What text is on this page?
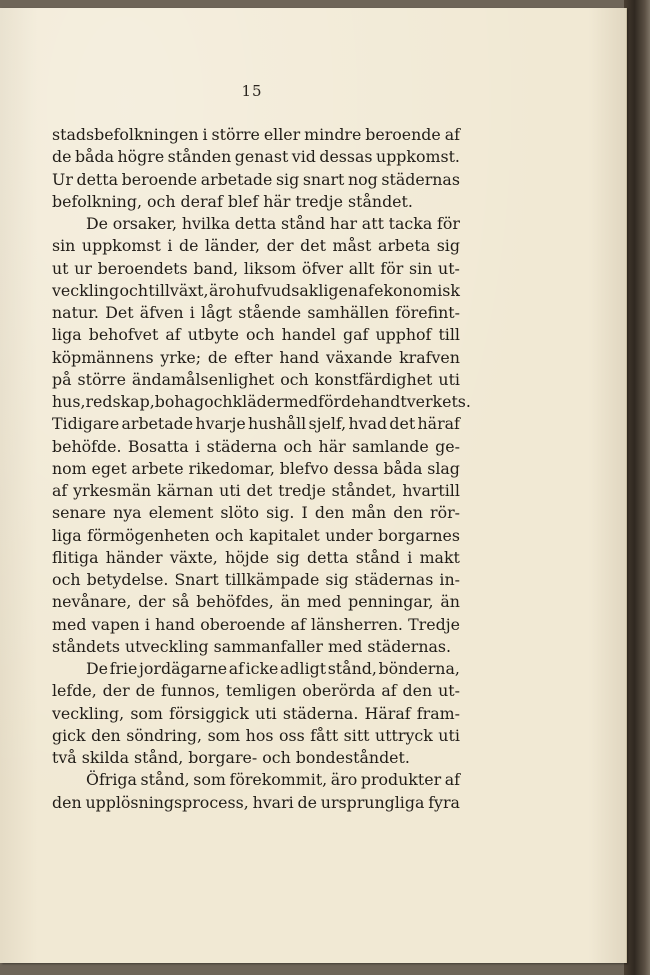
15
stadsbefolkningen i större eller mindre beroende af
de båda högre stånden genast vid dessas uppkomst.
Ur detta beroende arbetade sig snart nog städernas
befolkning, och deraf blef här tredje ståndet.
De orsaker, hvilka detta stånd har att tacka för
sin uppkomst i de länder, der det måst arbeta sig
ut ur beroendets band, liksom öfver allt för sin ut-
veckling och tillväxt, äro hufvudsakligen af ekonomisk
natur. Det äfven i lågt stående samhällen förefint-
liga behofvet af utbyte och handel gaf upphof till
köpmännens yrke; de efter hand växande krafven
på större ändamålsenlighet och konstfärdighet uti
hus, redskap, bohag och kläder medförde handtverkets.
Tidigare arbetade hvarje hushåll sjelf, hvad det häraf
behöfde. Bosatta i städerna och här samlande ge-
nom eget arbete rikedomar, blefvo dessa båda slag
af yrkesmän kärnan uti det tredje ståndet, hvartill
senare nya element slöto sig. I den mån den rör-
liga förmögenheten och kapitalet under borgarnes
flitiga händer växte, höjde sig detta stånd i makt
och betydelse. Snart tillkämpade sig städernas in-
nevånare, der så behöfdes, än med penningar, än
med vapen i hand oberoende af länsherren. Tredje
ståndets utveckling sammanfaller med städernas.
De frie jordägarne af icke adligt stånd, bönderna,
lefde, der de funnos, temligen oberörda af den ut-
veckling, som försiggick uti städerna. Häraf fram-
gick den söndring, som hos oss fått sitt uttryck uti
två skilda stånd, borgare- och bondeståndet.
Öfriga stånd, som förekommit, äro produkter af
den upplösningsprocess, hvari de ursprungliga fyra
